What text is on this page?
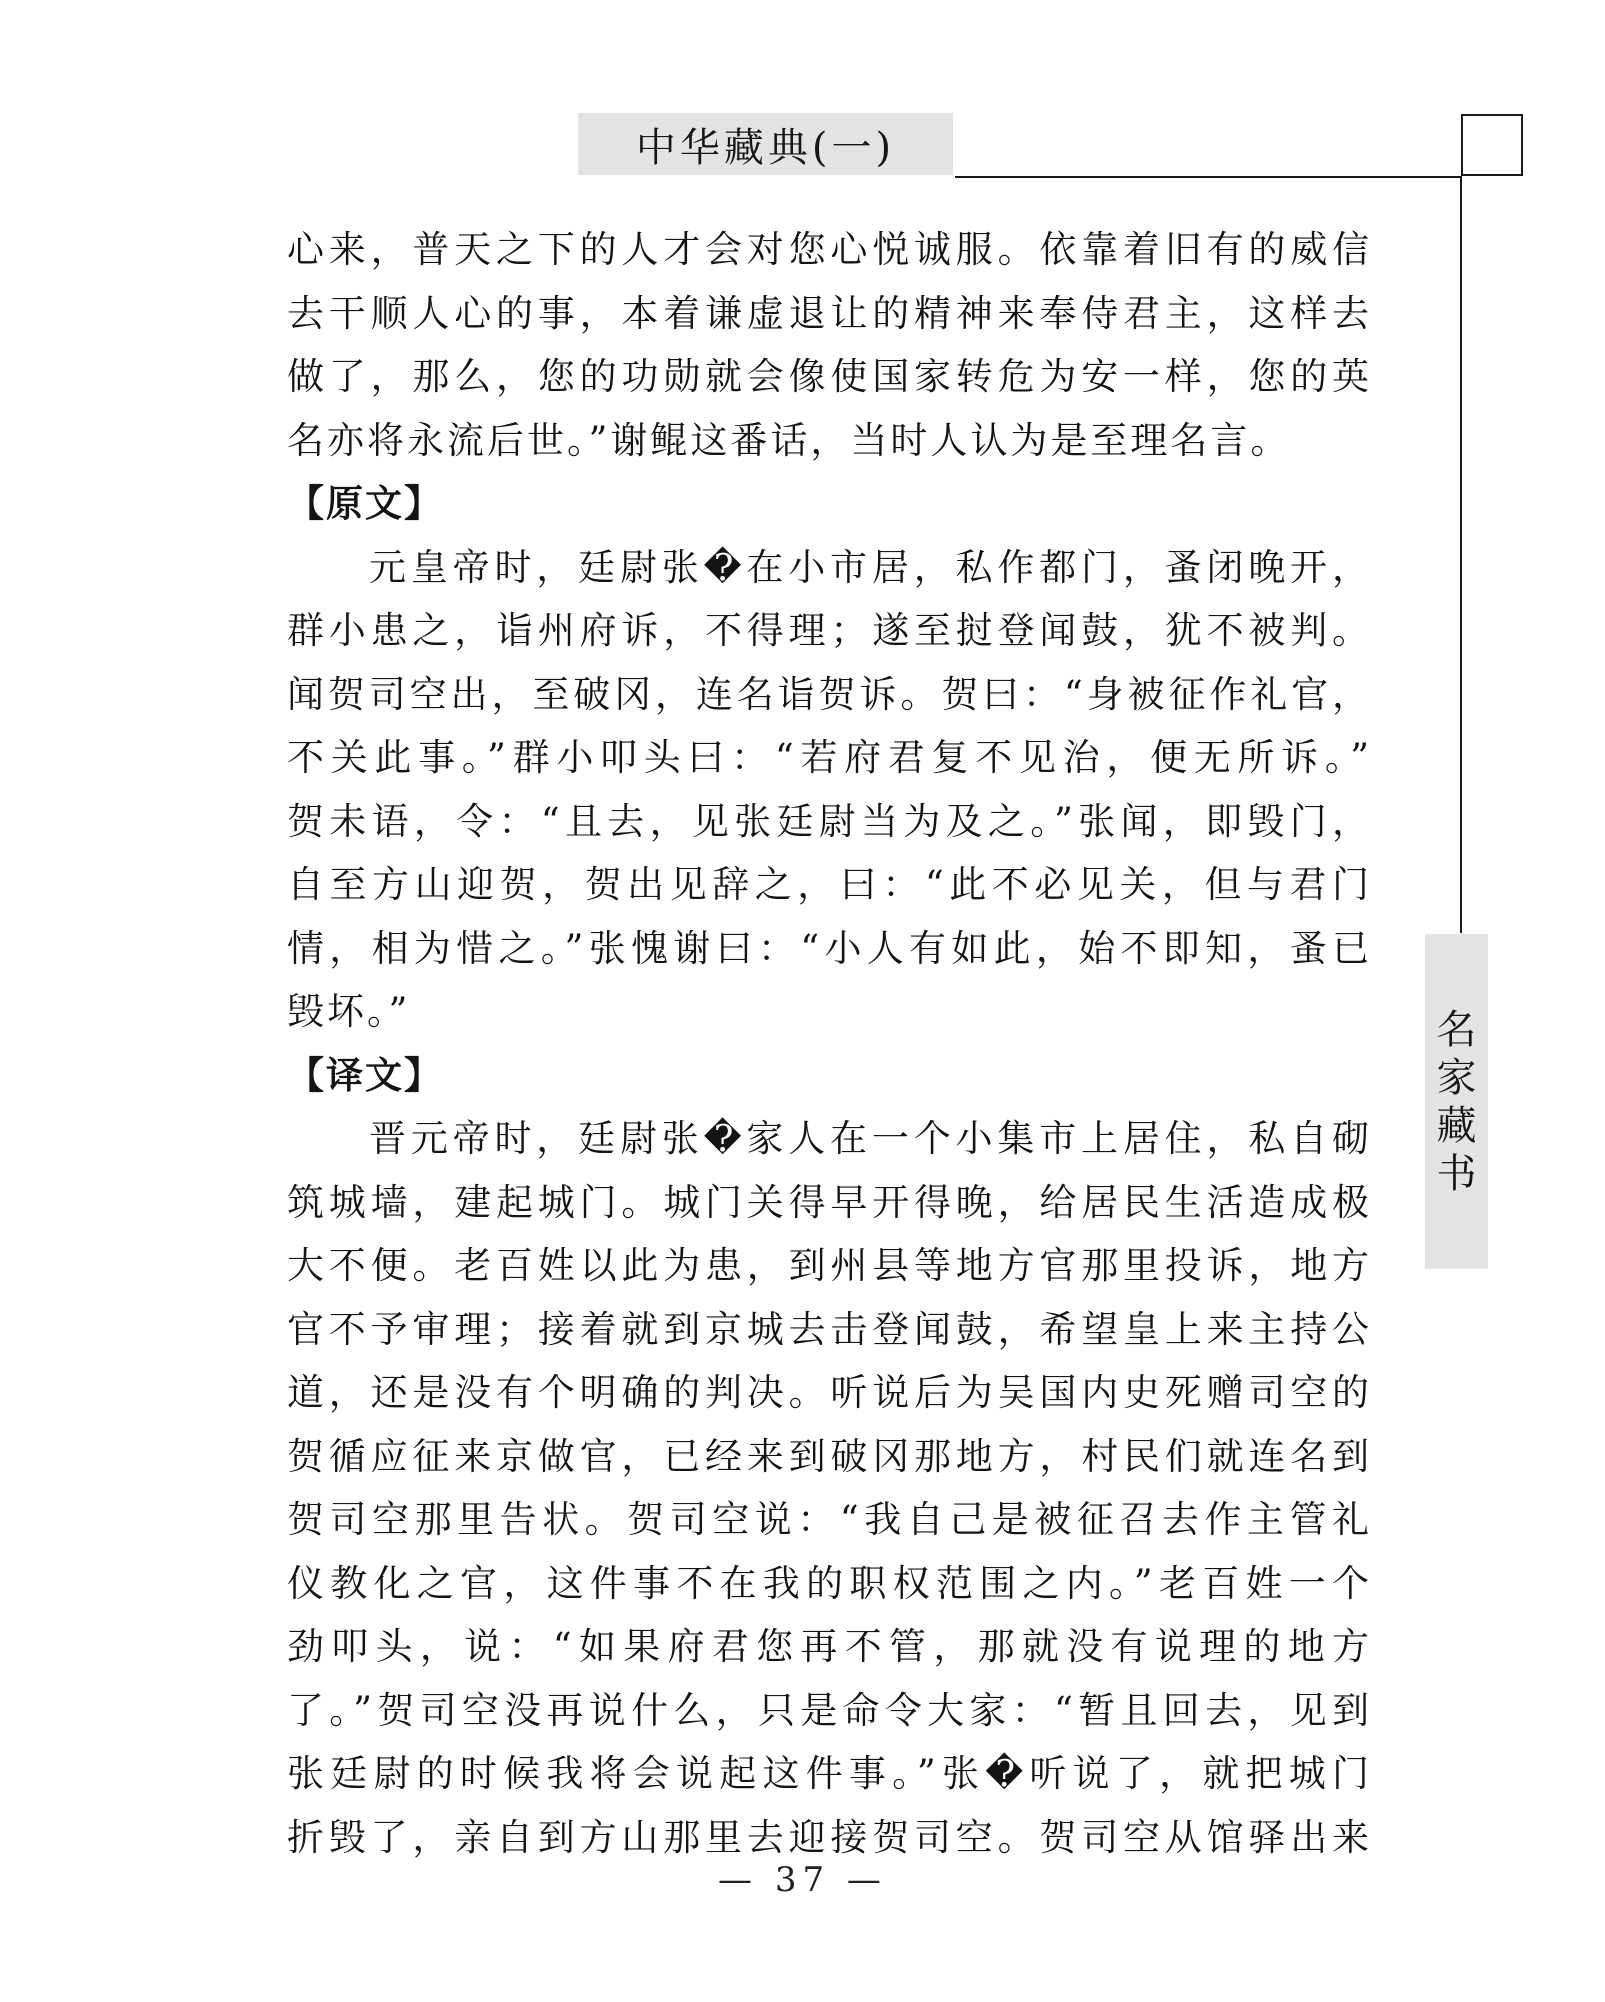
中华藏典(一)
名
家
藏
书

心来，普天之下的人才会对您心悦诚服。依靠着旧有的威信

去干顺人心的事，本着谦虚退让的精神来奉侍君主，这样去

做了，那么，您的功勋就会像使国家转危为安一样，您的英

名亦将永流后世。”谢鲲这番话，当时人认为是至理名言。

【原文】

元皇帝时，廷尉张�在小市居，私作都门，蚤闭晚开，

群小患之，诣州府诉，不得理；遂至挝登闻鼓，犹不被判。

闻贺司空出，至破冈，连名诣贺诉。贺曰：“身被征作礼官，

不关此事。”群小叩头曰：“若府君复不见治，便无所诉。”

贺未语，令：“且去，见张廷尉当为及之。”张闻，即毁门，

自至方山迎贺，贺出见辞之，曰：“此不必见关，但与君门

情，相为惜之。”张愧谢曰：“小人有如此，始不即知，蚤已

毁坏。”

【译文】

晋元帝时，廷尉张�家人在一个小集市上居住，私自砌

筑城墙，建起城门。城门关得早开得晚，给居民生活造成极

大不便。老百姓以此为患，到州县等地方官那里投诉，地方

官不予审理；接着就到京城去击登闻鼓，希望皇上来主持公

道，还是没有个明确的判决。听说后为吴国内史死赠司空的

贺循应征来京做官，已经来到破冈那地方，村民们就连名到

贺司空那里告状。贺司空说：“我自己是被征召去作主管礼

仪教化之官，这件事不在我的职权范围之内。”老百姓一个

劲叩头，说：“如果府君您再不管，那就没有说理的地方

了。”贺司空没再说什么，只是命令大家：“暂且回去，见到

张廷尉的时候我将会说起这件事。”张�听说了，就把城门

折毁了，亲自到方山那里去迎接贺司空。贺司空从馆驿出来

— 37 —
